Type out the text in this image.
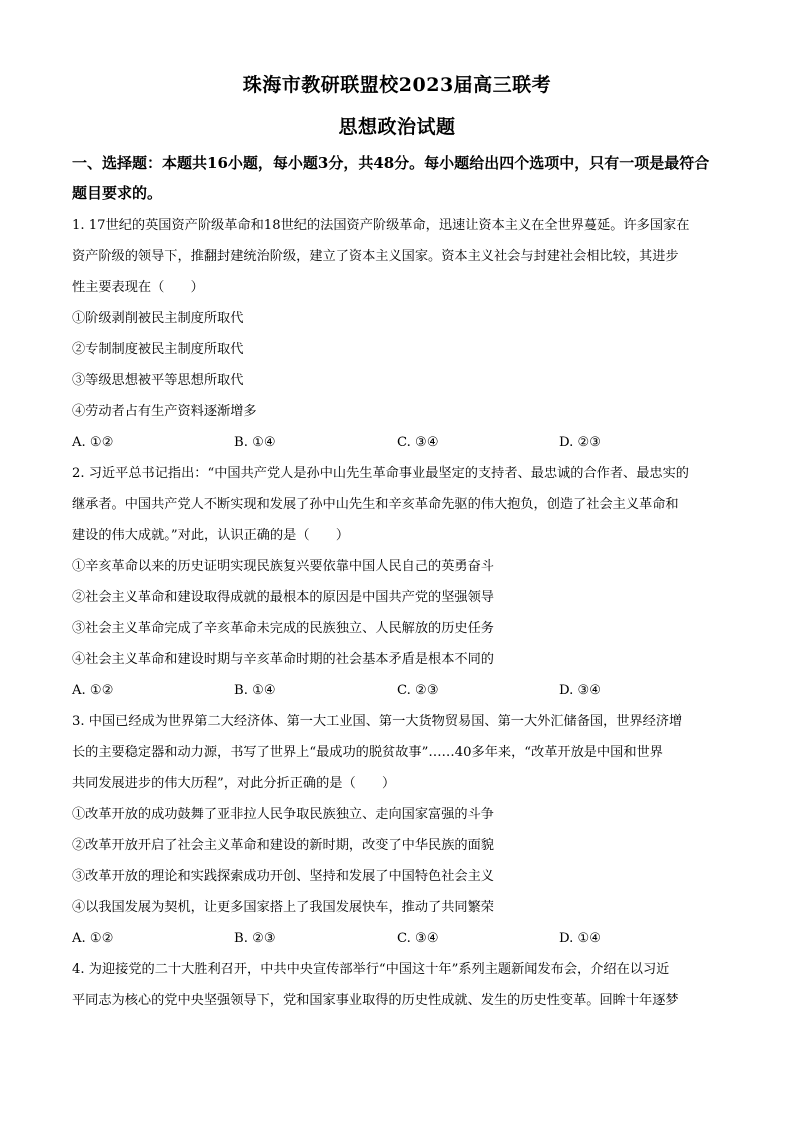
珠海市教研联盟校2023届高三联考
思想政治试题
一、选择题：本题共16小题，每小题3分，共48分。每小题给出四个选项中，只有一项是最符合题目要求的。
1. 17世纪的英国资产阶级革命和18世纪的法国资产阶级革命，迅速让资本主义在全世界蔓延。许多国家在
资产阶级的领导下，推翻封建统治阶级，建立了资本主义国家。资本主义社会与封建社会相比较，其进步
性主要表现在（　　）
①阶级剥削被民主制度所取代
②专制制度被民主制度所取代
③等级思想被平等思想所取代
④劳动者占有生产资料逐渐增多
A. ①②	B. ①④	C. ③④	D. ②③
2. 习近平总书记指出：“中国共产党人是孙中山先生革命事业最坚定的支持者、最忠诚的合作者、最忠实的
继承者。中国共产党人不断实现和发展了孙中山先生和辛亥革命先驱的伟大抱负，创造了社会主义革命和
建设的伟大成就。”对此，认识正确的是（　　）
①辛亥革命以来的历史证明实现民族复兴要依靠中国人民自己的英勇奋斗
②社会主义革命和建设取得成就的最根本的原因是中国共产党的坚强领导
③社会主义革命完成了辛亥革命未完成的民族独立、人民解放的历史任务
④社会主义革命和建设时期与辛亥革命时期的社会基本矛盾是根本不同的
A. ①②	B. ①④	C. ②③	D. ③④
3. 中国已经成为世界第二大经济体、第一大工业国、第一大货物贸易国、第一大外汇储备国，世界经济增
长的主要稳定器和动力源，书写了世界上“最成功的脱贫故事”……40多年来，“改革开放是中国和世界
共同发展进步的伟大历程”，对此分折正确的是（　　）
①改革开放的成功鼓舞了亚非拉人民争取民族独立、走向国家富强的斗争
②改革开放开启了社会主义革命和建设的新时期，改变了中华民族的面貌
③改革开放的理论和实践探索成功开创、坚持和发展了中国特色社会主义
④以我国发展为契机，让更多国家搭上了我国发展快车，推动了共同繁荣
A. ①②	B. ②③	C. ③④	D. ①④
4. 为迎接党的二十大胜利召开，中共中央宣传部举行“中国这十年”系列主题新闻发布会，介绍在以习近
平同志为核心的党中央坚强领导下，党和国家事业取得的历史性成就、发生的历史性变革。回眸十年逐梦
